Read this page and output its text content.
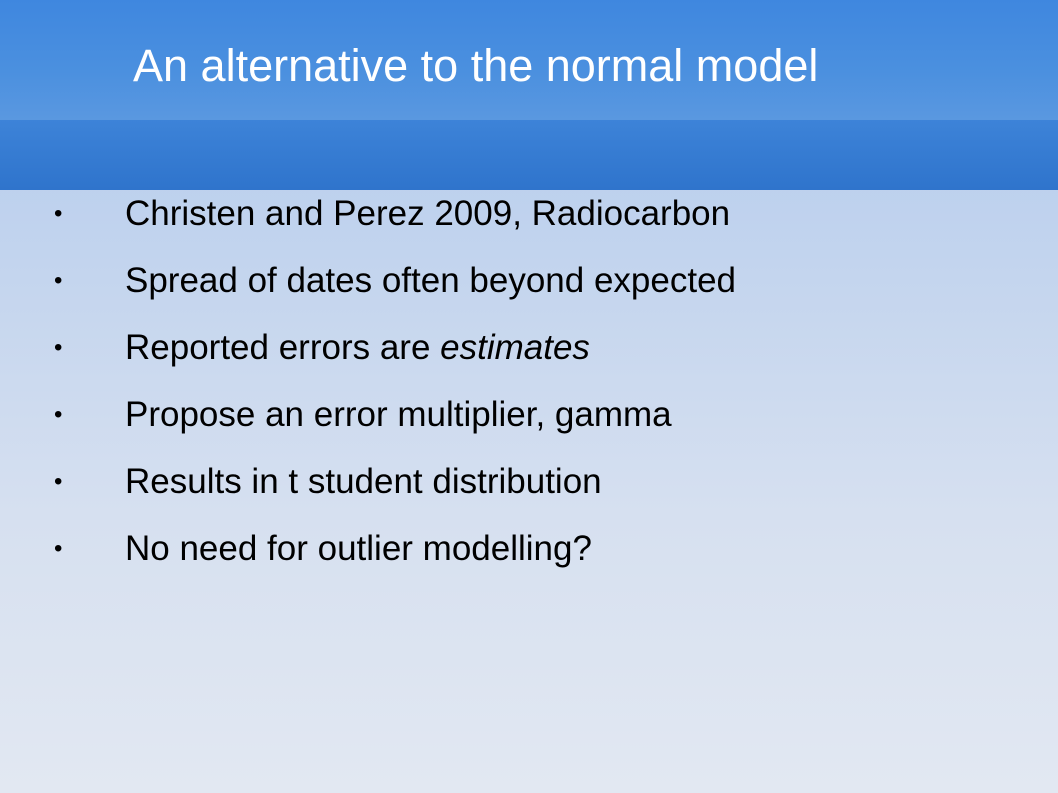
An alternative to the normal model
• Christen and Perez 2009, Radiocarbon
• Spread of dates often beyond expected
• Reported errors are estimates
• Propose an error multiplier, gamma
• Results in t student distribution
• No need for outlier modelling?
